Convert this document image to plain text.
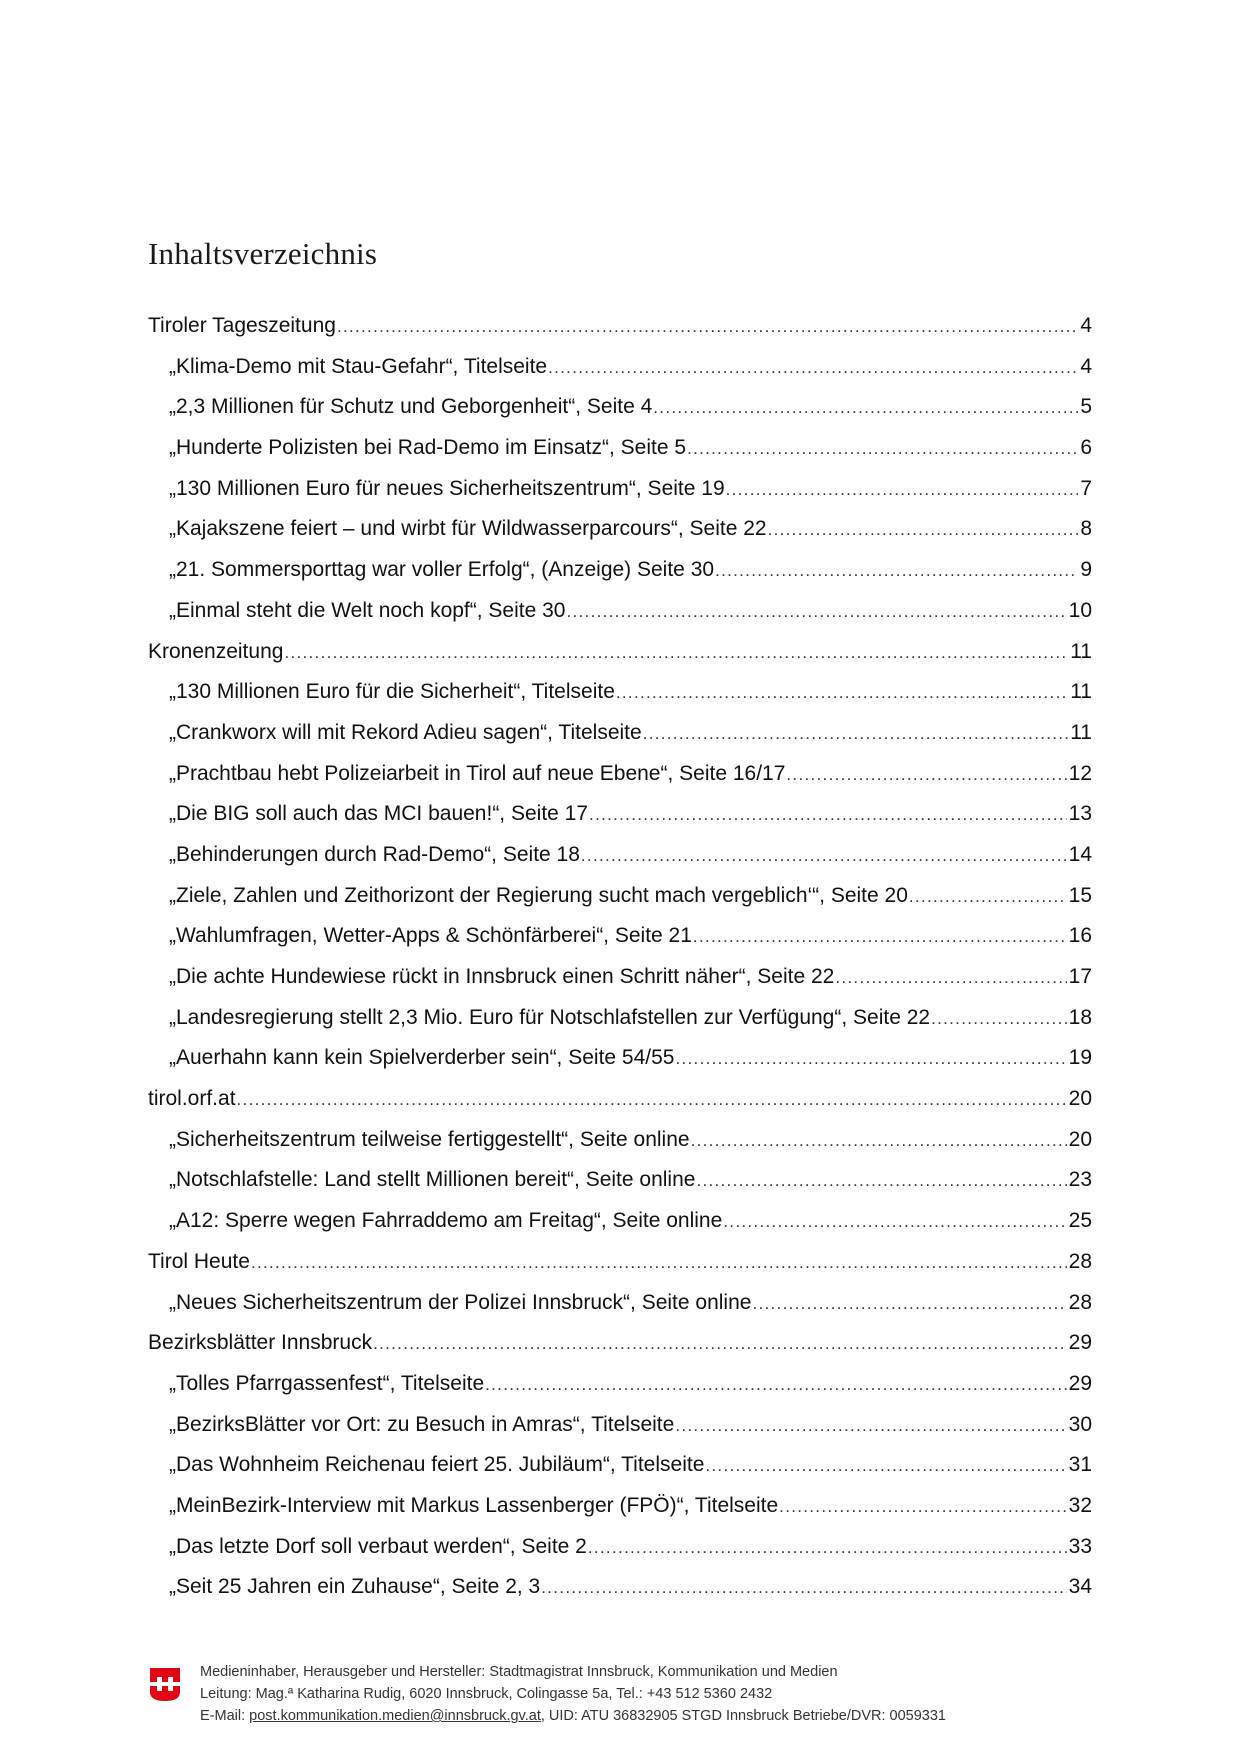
Inhaltsverzeichnis
Tiroler Tageszeitung .....	4
„Klima-Demo mit Stau-Gefahr“, Titelseite .....	4
„2,3 Millionen für Schutz und Geborgenheit“, Seite 4 .....	5
„Hunderte Polizisten bei Rad-Demo im Einsatz“, Seite 5 .....	6
„130 Millionen Euro für neues Sicherheitszentrum“, Seite 19 .....	7
„Kajakszene feiert – und wirbt für Wildwasserparcours“, Seite 22 .....	8
„21. Sommersporttag war voller Erfolg“, (Anzeige) Seite 30 .....	9
„Einmal steht die Welt noch kopf“, Seite 30 .....	10
Kronenzeitung .....	11
„130 Millionen Euro für die Sicherheit“, Titelseite .....	11
„Crankworx will mit Rekord Adieu sagen“, Titelseite .....	11
„Prachtbau hebt Polizeiarbeit in Tirol auf neue Ebene“, Seite 16/17 .....	12
„Die BIG soll auch das MCI bauen!“, Seite 17 .....	13
„Behinderungen durch Rad-Demo“, Seite 18 .....	14
„Ziele, Zahlen und Zeithorizont der Regierung sucht mach vergeblich‘“, Seite 20 .....	15
„Wahlumfragen, Wetter-Apps & Schönfärberei“, Seite 21 .....	16
„Die achte Hundewiese rückt in Innsbruck einen Schritt näher“, Seite 22 .....	17
„Landesregierung stellt 2,3 Mio. Euro für Notschlafstellen zur Verfügung“, Seite 22 .....	18
„Auerhahn kann kein Spielverderber sein“, Seite 54/55 .....	19
tirol.orf.at .....	20
„Sicherheitszentrum teilweise fertiggestellt“, Seite online .....	20
„Notschlafstelle: Land stellt Millionen bereit“, Seite online .....	23
„A12: Sperre wegen Fahrraddemo am Freitag“, Seite online .....	25
Tirol Heute .....	28
„Neues Sicherheitszentrum der Polizei Innsbruck“, Seite online .....	28
Bezirksblätter Innsbruck .....	29
„Tolles Pfarrgassenfest“, Titelseite .....	29
„BezirksBlätter vor Ort: zu Besuch in Amras“, Titelseite .....	30
„Das Wohnheim Reichenau feiert 25. Jubiläum“, Titelseite .....	31
„MeinBezirk-Interview mit Markus Lassenberger (FPÖ)“, Titelseite .....	32
„Das letzte Dorf soll verbaut werden“, Seite 2 .....	33
„Seit 25 Jahren ein Zuhause“, Seite 2, 3 .....	34
Medieninhaber, Herausgeber und Hersteller: Stadtmagistrat Innsbruck, Kommunikation und Medien
Leitung: Mag.ª Katharina Rudig, 6020 Innsbruck, Colingasse 5a, Tel.: +43 512 5360 2432
E-Mail: post.kommunikation.medien@innsbruck.gv.at, UID: ATU 36832905 STGD Innsbruck Betriebe/DVR: 0059331
